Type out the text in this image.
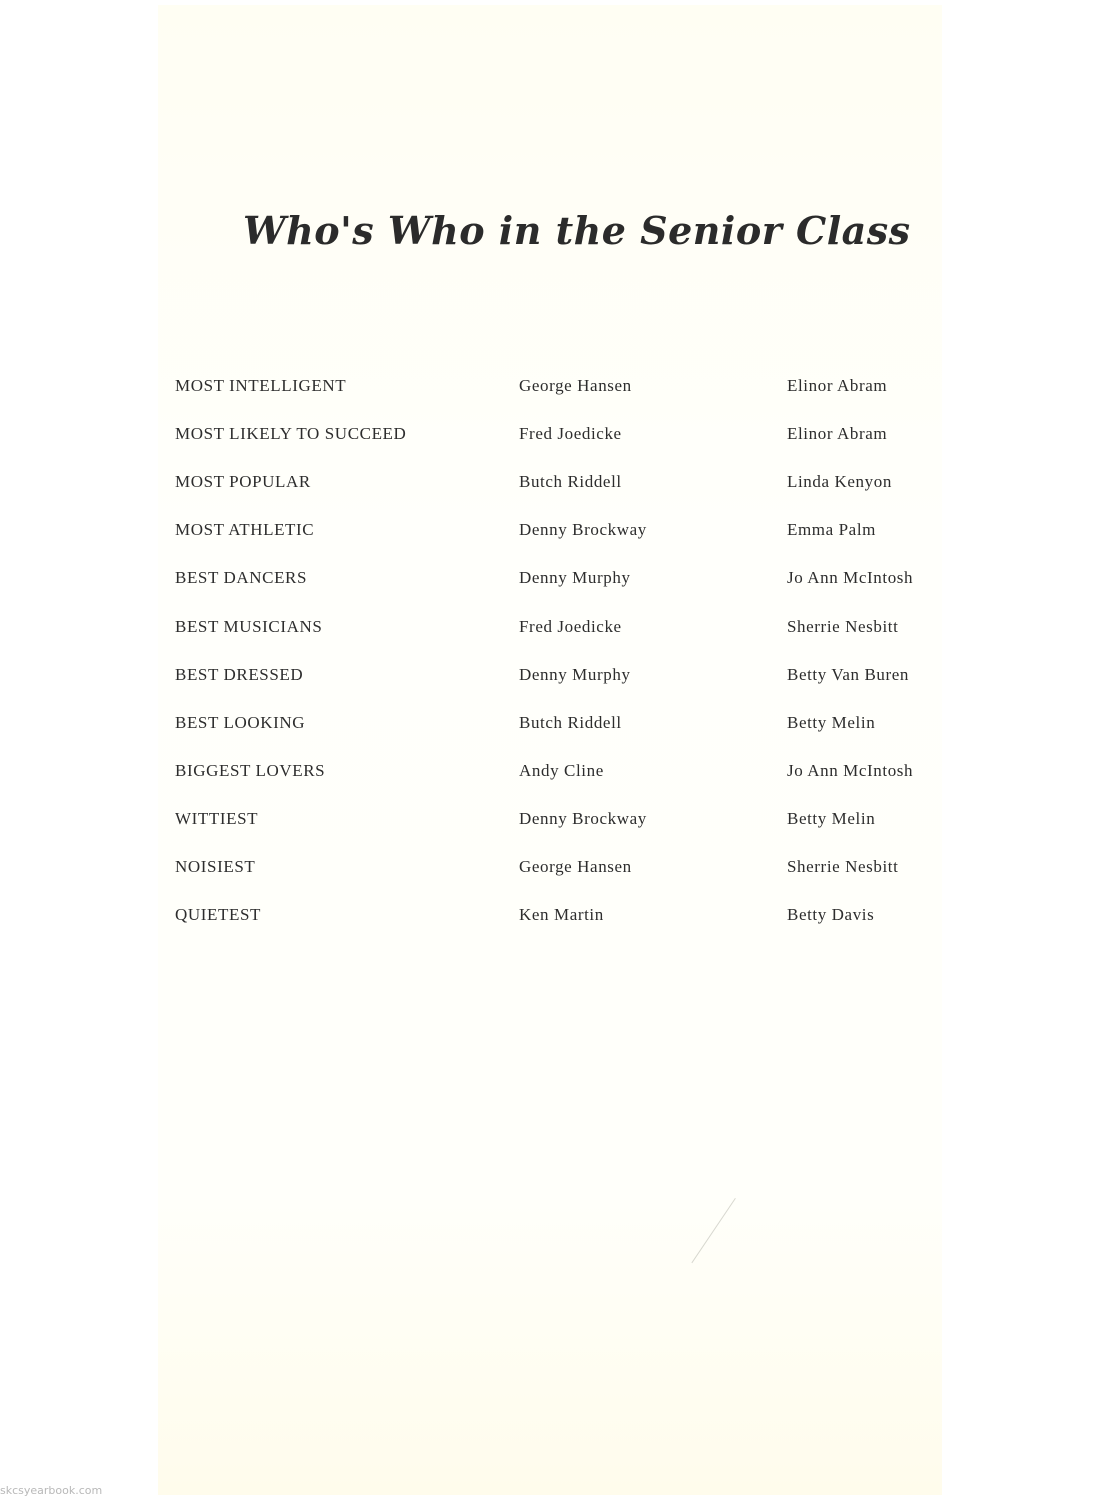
Who's Who in the Senior Class
MOST INTELLIGENT	George Hansen	Elinor Abram
MOST LIKELY TO SUCCEED	Fred Joedicke	Elinor Abram
MOST POPULAR	Butch Riddell	Linda Kenyon
MOST ATHLETIC	Denny Brockway	Emma Palm
BEST DANCERS	Denny Murphy	Jo Ann McIntosh
BEST MUSICIANS	Fred Joedicke	Sherrie Nesbitt
BEST DRESSED	Denny Murphy	Betty Van Buren
BEST LOOKING	Butch Riddell	Betty Melin
BIGGEST LOVERS	Andy Cline	Jo Ann McIntosh
WITTIEST	Denny Brockway	Betty Melin
NOISIEST	George Hansen	Sherrie Nesbitt
QUIETEST	Ken Martin	Betty Davis
skcsyearbook.com
